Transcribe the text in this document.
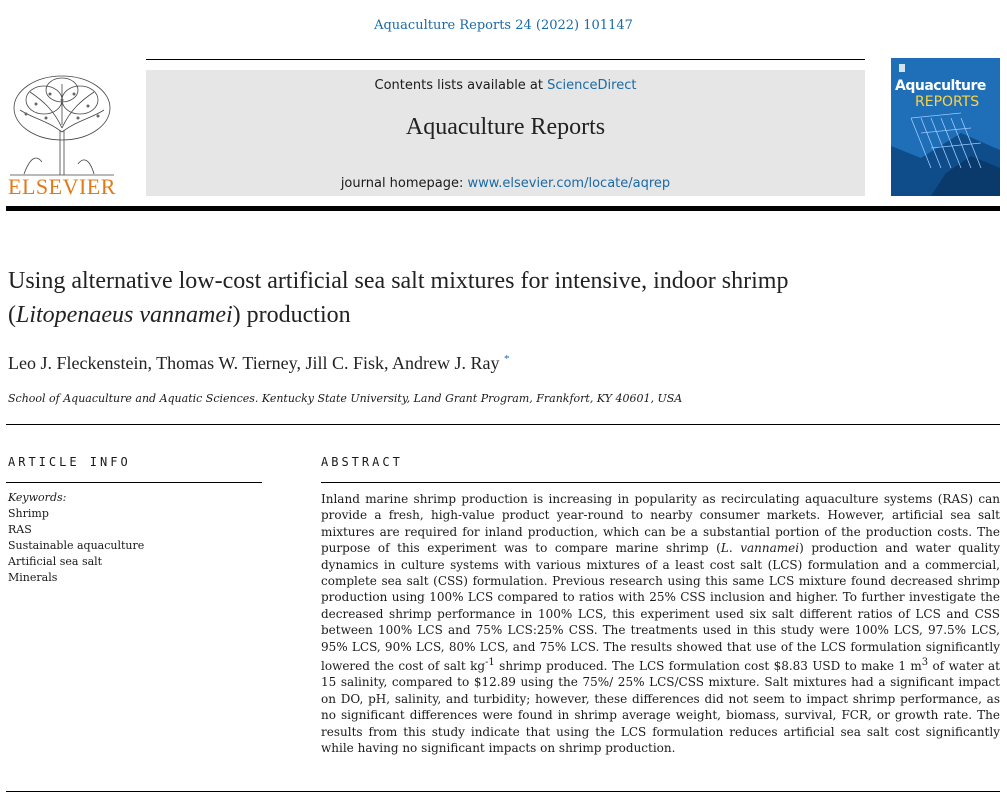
Aquaculture Reports 24 (2022) 101147
ELSEVIER
Contents lists available at ScienceDirect
Aquaculture Reports
journal homepage: www.elsevier.com/locate/aqrep
Aquaculture
REPORTS
Using alternative low-cost artificial sea salt mixtures for intensive, indoor shrimp (Litopenaeus vannamei) production
Leo J. Fleckenstein, Thomas W. Tierney, Jill C. Fisk, Andrew J. Ray *
School of Aquaculture and Aquatic Sciences. Kentucky State University, Land Grant Program, Frankfort, KY 40601, USA
ARTICLE INFO	ABSTRACT
Keywords:
Shrimp
RAS
Sustainable aquaculture
Artificial sea salt
Minerals

Inland marine shrimp production is increasing in popularity as recirculating aquaculture systems (RAS) can provide a fresh, high-value product year-round to nearby consumer markets. However, artificial sea salt mixtures are required for inland production, which can be a substantial portion of the production costs. The purpose of this experiment was to compare marine shrimp (L. vannamei) production and water quality dynamics in culture systems with various mixtures of a least cost salt (LCS) formulation and a commercial, complete sea salt (CSS) formulation. Previous research using this same LCS mixture found decreased shrimp production using 100% LCS compared to ratios with 25% CSS inclusion and higher. To further investigate the decreased shrimp performance in 100% LCS, this experiment used six salt different ratios of LCS and CSS between 100% LCS and 75% LCS:25% CSS. The treatments used in this study were 100% LCS, 97.5% LCS, 95% LCS, 90% LCS, 80% LCS, and 75% LCS. The results showed that use of the LCS formulation significantly lowered the cost of salt $kg^{-1}$ shrimp produced. The LCS formulation cost $8.83 USD to make 1 $m^3$ of water at 15 salinity, compared to $12.89 using the 75%/ 25% LCS/CSS mixture. Salt mixtures had a significant impact on DO, pH, salinity, and turbidity; however, these differences did not seem to impact shrimp performance, as no significant differences were found in shrimp average weight, biomass, survival, FCR, or growth rate. The results from this study indicate that using the LCS formulation reduces artificial sea salt cost significantly while having no significant impacts on shrimp production.
